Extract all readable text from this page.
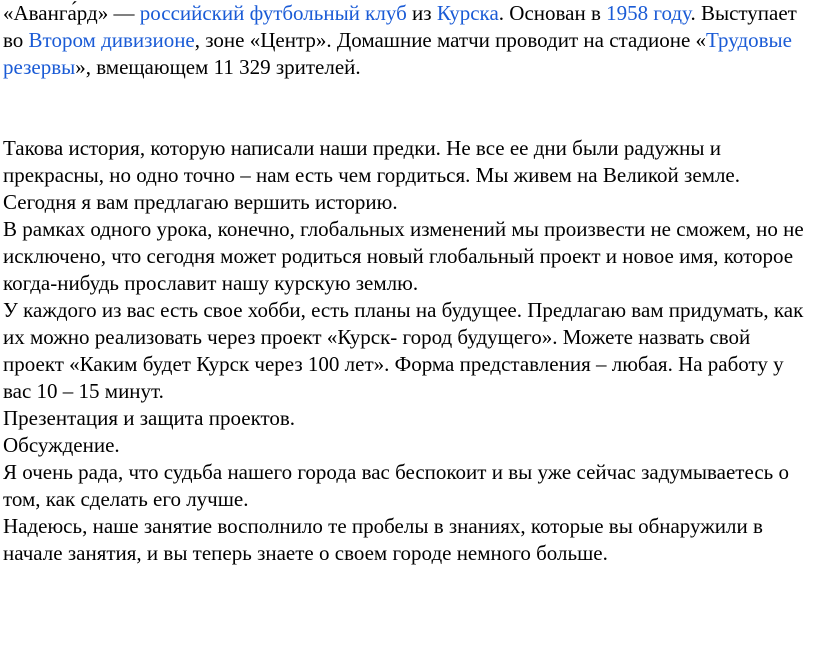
«Аванга́рд» — российский футбольный клуб из Курска. Основан в 1958 году. Выступает во Втором дивизионе, зоне «Центр». Домашние матчи проводит на стадионе «Трудовые резервы», вмещающем 11 329 зрителей.

Такова история, которую написали наши предки. Не все ее дни были радужны и прекрасны, но одно точно – нам есть чем гордиться. Мы живем на Великой земле.

Сегодня я вам предлагаю вершить историю.

В рамках одного урока, конечно, глобальных изменений мы произвести не сможем, но не исключено, что сегодня может родиться новый глобальный проект и новое имя, которое когда-нибудь прославит нашу курскую землю.

У каждого из вас есть свое хобби, есть планы на будущее. Предлагаю вам придумать, как их можно реализовать через проект «Курск- город будущего». Можете назвать свой проект «Каким будет Курск через 100 лет». Форма представления – любая. На работу у вас 10 – 15 минут.

Презентация и защита проектов.

Обсуждение.

Я очень рада, что судьба нашего города вас беспокоит и вы уже сейчас задумываетесь о том, как сделать его лучше.

Надеюсь, наше занятие восполнило те пробелы в знаниях, которые вы обнаружили в начале занятия, и вы теперь знаете о своем городе немного больше.
